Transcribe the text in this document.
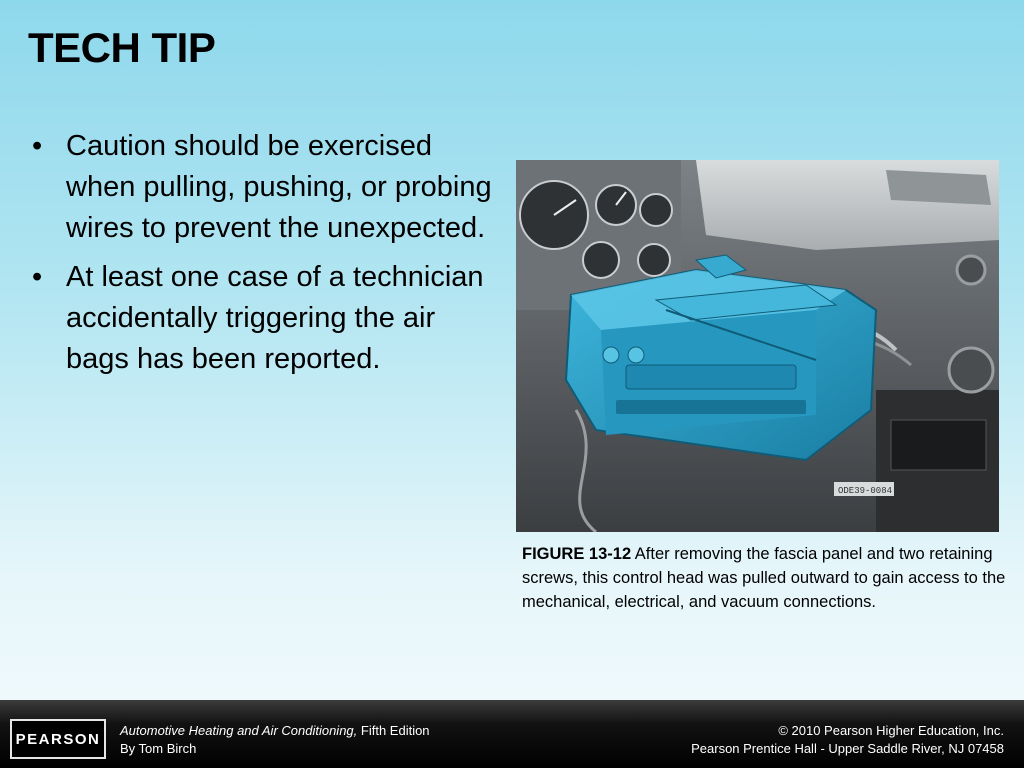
TECH TIP
• Caution should be exercised when pulling, pushing, or probing wires to prevent the unexpected.
• At least one case of a technician accidentally triggering the air bags has been reported.
ODE39-0084
FIGURE 13-12 After removing the fascia panel and two retaining screws, this control head was pulled outward to gain access to the mechanical, electrical, and vacuum connections.
PEARSON	Automotive Heating and Air Conditioning, Fifth Edition
By Tom Birch
© 2010 Pearson Higher Education, Inc.
Pearson Prentice Hall - Upper Saddle River, NJ 07458
